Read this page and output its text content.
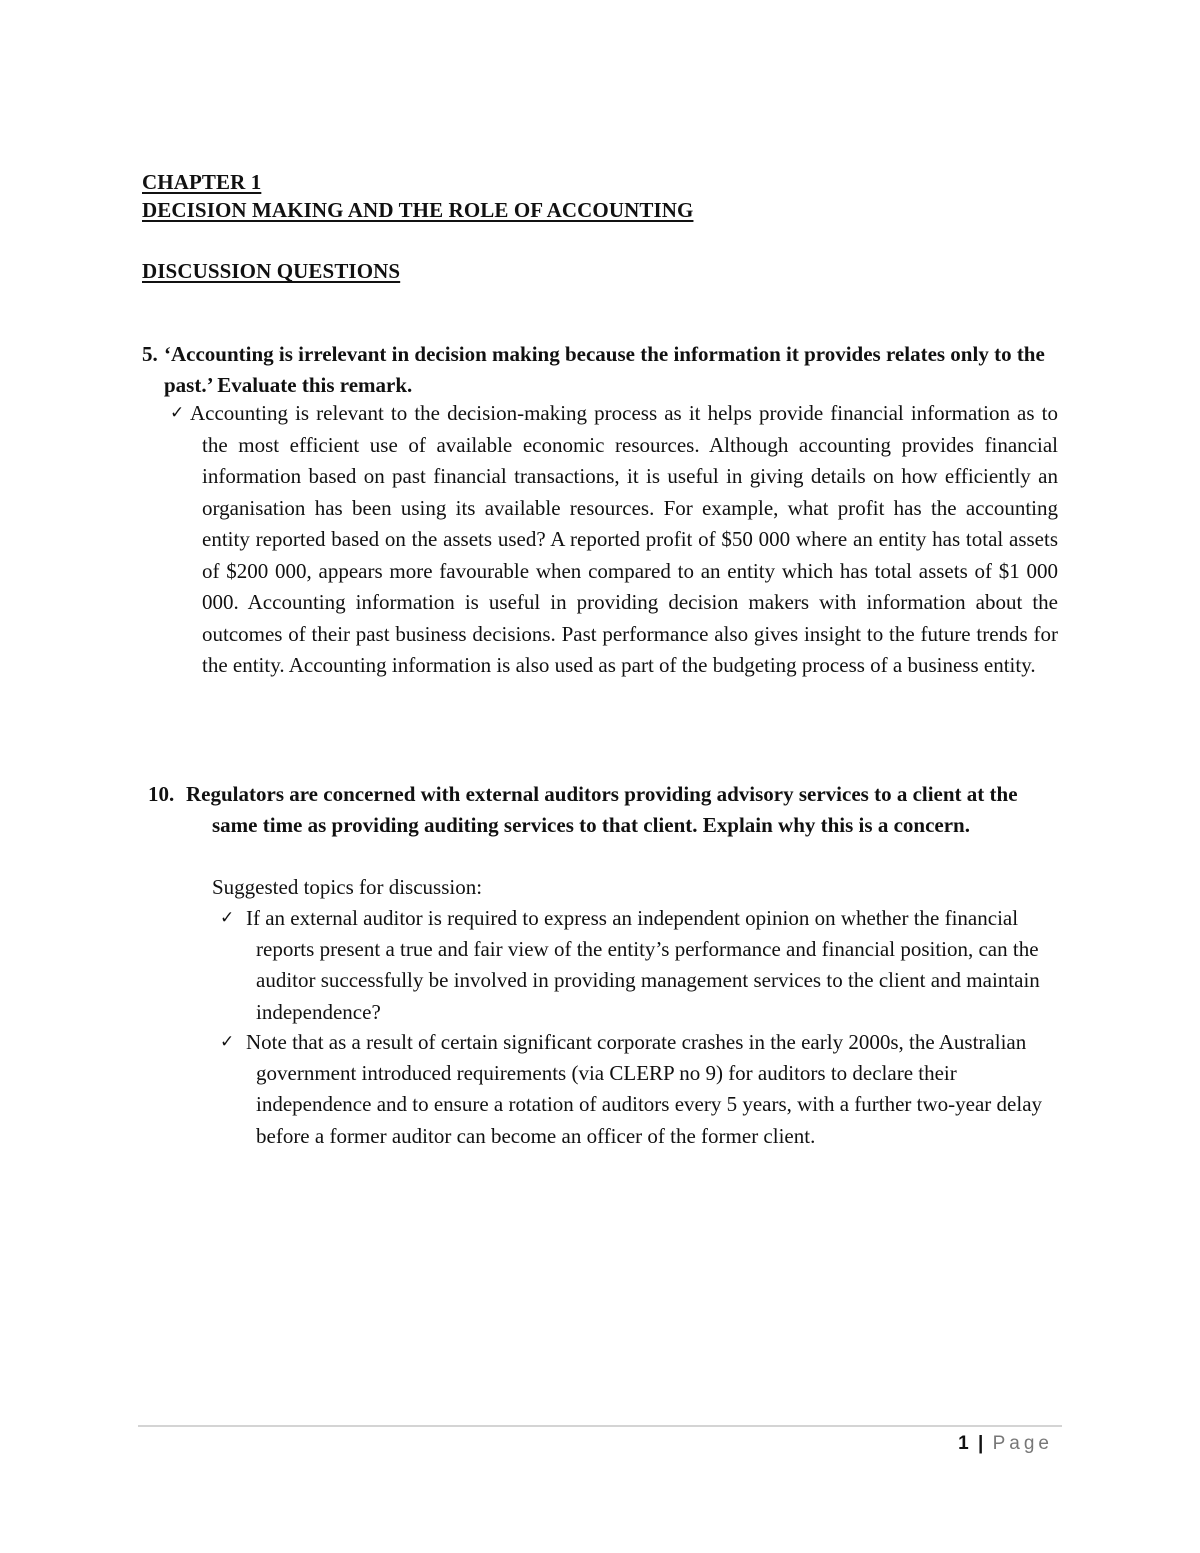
CHAPTER 1
DECISION MAKING AND THE ROLE OF ACCOUNTING
DISCUSSION QUESTIONS
5. ‘Accounting is irrelevant in decision making because the information it provides relates only to the past.’ Evaluate this remark.

✓ Accounting is relevant to the decision-making process as it helps provide financial information as to the most efficient use of available economic resources. Although accounting provides financial information based on past financial transactions, it is useful in giving details on how efficiently an organisation has been using its available resources. For example, what profit has the accounting entity reported based on the assets used? A reported profit of $50 000 where an entity has total assets of $200 000, appears more favourable when compared to an entity which has total assets of $1 000 000. Accounting information is useful in providing decision makers with information about the outcomes of their past business decisions. Past performance also gives insight to the future trends for the entity. Accounting information is also used as part of the budgeting process of a business entity.

10. Regulators are concerned with external auditors providing advisory services to a client at the same time as providing auditing services to that client. Explain why this is a concern.

Suggested topics for discussion:

✓ If an external auditor is required to express an independent opinion on whether the financial reports present a true and fair view of the entity’s performance and financial position, can the auditor successfully be involved in providing management services to the client and maintain independence?

✓ Note that as a result of certain significant corporate crashes in the early 2000s, the Australian government introduced requirements (via CLERP no 9) for auditors to declare their independence and to ensure a rotation of auditors every 5 years, with a further two-year delay before a former auditor can become an officer of the former client.

1 | Page
